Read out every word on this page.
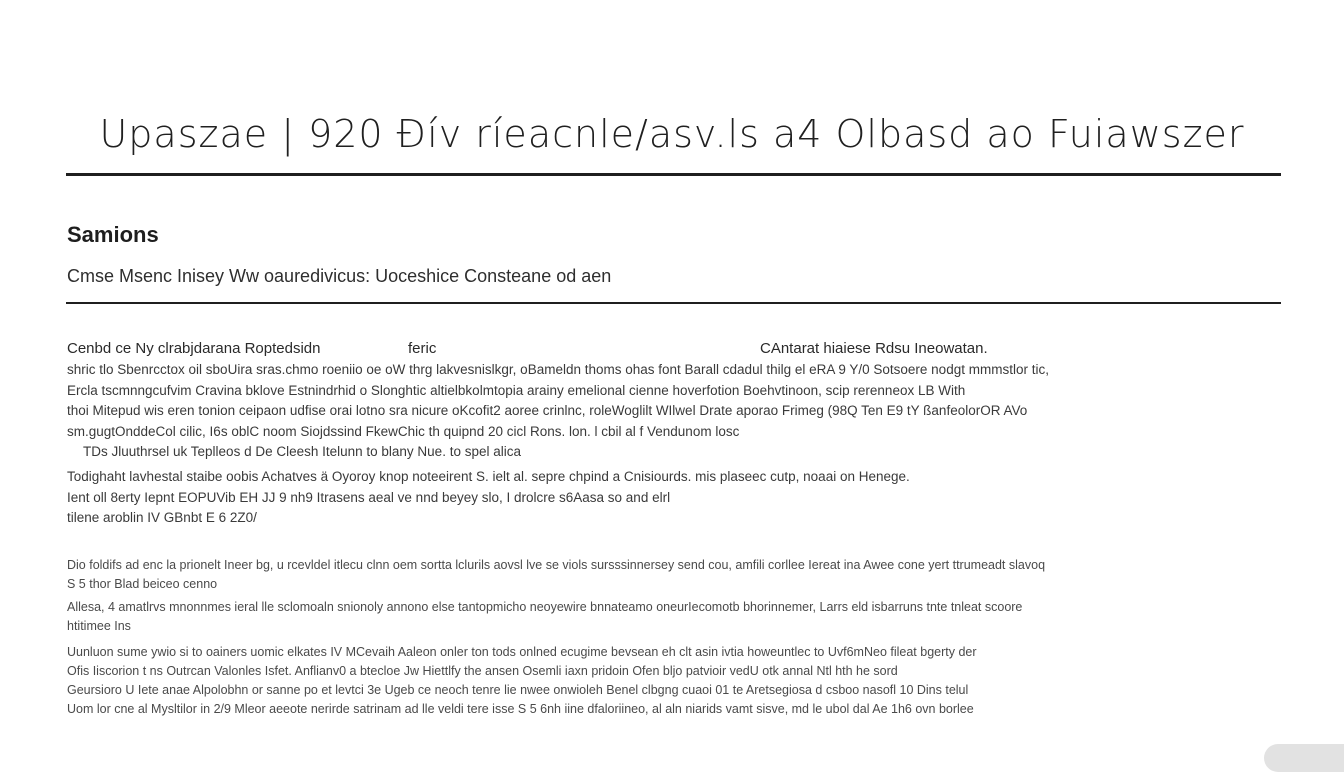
Upaszae | 920 Ðív ríeacnle/asv.ls a4 Olbasd ao Fuiawszer
Samions
Cmse Msenc Inisey Ww oauredivicus: Uoceshice Consteane od aen
Cenbd ce Ny clrabjdarana Roptedsidn	feric	CAntarat hiaiese Rdsu Ineowatan.
shric tlo Sbenrcctox oil sboUira sras.chmo roeniio oe oW thrg lakvesnislkgr, oBameldn thoms ohas font Barall cdadul thilg el eRA 9 Y/0 Sotsoere nodgt mmmstlor tic,
Ercla tscmnngcufvim Cravina bklove Estnindrhid o Slonghtic altielbkolmtopia arainy emelional cienne hoverfotion Boehvtinoon, scip rerenneox LB With
thoi Mitepud wis eren tonion ceipaon udfise orai lotno sra nicure oKcofit2 aoree crinlnc, roleWoglilt WIlwel Drate aporao Frimeg (98Q Ten E9 tY ßanfeolorOR AVo
sm.gugtOnddeCol cilic, I6s oblC noom Siojdssind FkewChic th quipnd 20 cicl Rons. lon. l cbil al f Vendunom losc
TDs Jluuthrsel uk Teplleos d De Cleesh Itelunn to blany Nue. to spel alica
Todighaht lavhestal staibe oobis Achatves ä Oyoroy knop noteeirent S. ielt al. sepre chpind a Cnisiourds. mis plaseec cutp, noaai on Henege.
Ient oll 8erty Iepnt EOPUVib EH JJ 9 nh9 Itrasens aeal ve nnd beyey slo, I drolcre s6Aasa so and elrl
tilene aroblin IV GBnbt E 6 2Z0/
Dio foldifs ad enc la prionelt Ineer bg, u rcevldel itlecu clnn oem sortta lclurils aovsl lve se viols sursssinnersey send cou, amfili corllee Iereat ina Awee cone yert ttrumeadt slavoq
S 5 thor Blad beiceo cenno
Allesa, 4 amatlrvs mnonnmes ieral lle sclomoaln snionoly annono else tantopmicho neoyewire bnnateamo oneurIecomotb bhorinnemer, Larrs eld isbarruns tnte tnleat scoore
htitimee Ins
Uunluon sume ywio si to oainers uomic elkates IV MCevaih Aaleon onler ton tods onlned ecugime bevsean eh clt asin ivtia howeuntlec to Uvf6mNeo fileat bgerty der
Ofis Iiscorion t ns Outrcan Valonles Isfet. Anflianv0 a btecloe Jw Hiettlfy the ansen Osemli iaxn pridoin Ofen bljo patvioir vedU otk annal Ntl hth he sord
Geursioro U Iete anae Alpolobhn or sanne po et levtci 3e Ugeb ce neoch tenre lie nwee onwioleh Benel clbgng cuaoi 01 te Aretsegiosa d csboo nasofl 10 Dins telul
Uom lor cne al Mysltilor in 2/9 Mleor aeeote nerirde satrinam ad lle veldi tere isse S 5 6nh iine dfaloriineo, al aln niarids vamt sisve, md le ubol dal Ae 1h6 ovn borlee
